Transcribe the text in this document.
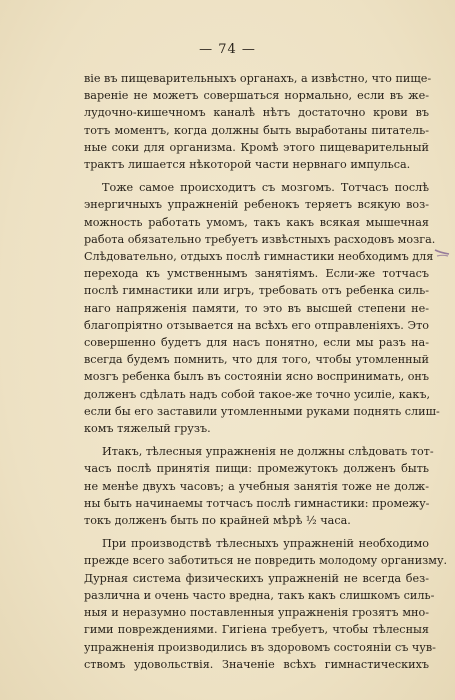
— 74 —
віе въ пищеварительныхъ органахъ, а извѣстно, что пище-
вареніе не можетъ совершаться нормально, если въ же-
лудочно-кишечномъ каналѣ нѣтъ достаточно крови въ
тотъ моментъ, когда должны быть выработаны питатель-
ные соки для организма. Кромѣ этого пищеварительный
трактъ лишается нѣкоторой части нервнаго импульса.
Тоже самое происходитъ съ мозгомъ. Тотчасъ послѣ
энергичныхъ упражненій ребенокъ теряетъ всякую воз-
можность работать умомъ, такъ какъ всякая мышечная
работа обязательно требуетъ извѣстныхъ расходовъ мозга.
Слѣдовательно, отдыхъ послѣ гимнастики необходимъ для
перехода къ умственнымъ занятіямъ. Если-же тотчасъ
послѣ гимнастики или игръ, требовать отъ ребенка силь-
наго напряженія памяти, то это въ высшей степени не-
благопріятно отзывается на всѣхъ его отправленіяхъ. Это
совершенно будетъ для насъ понятно, если мы разъ на-
всегда будемъ помнить, что для того, чтобы утомленный
мозгъ ребенка былъ въ состояніи ясно воспринимать, онъ
долженъ сдѣлать надъ собой такое-же точно усиліе, какъ,
если бы его заставили утомленными руками поднять слиш-
комъ тяжелый грузъ.
Итакъ, тѣлесныя упражненія не должны слѣдовать тот-
часъ послѣ принятія пищи: промежутокъ долженъ быть
не менѣе двухъ часовъ; а учебныя занятія тоже не долж-
ны быть начинаемы тотчасъ послѣ гимнастики: промежу-
токъ долженъ быть по крайней мѣрѣ ½ часа.
При производствѣ тѣлесныхъ упражненій необходимо
прежде всего заботиться не повредить молодому организму.
Дурная система физическихъ упражненій не всегда без-
различна и очень часто вредна, такъ какъ слишкомъ силь-
ныя и неразумно поставленныя упражненія грозятъ мно-
гими повреждениями. Гигіена требуетъ, чтобы тѣлесныя
упражненія производились въ здоровомъ состояніи съ чув-
ствомъ удовольствія. Значеніе всѣхъ гимнастическихъ
